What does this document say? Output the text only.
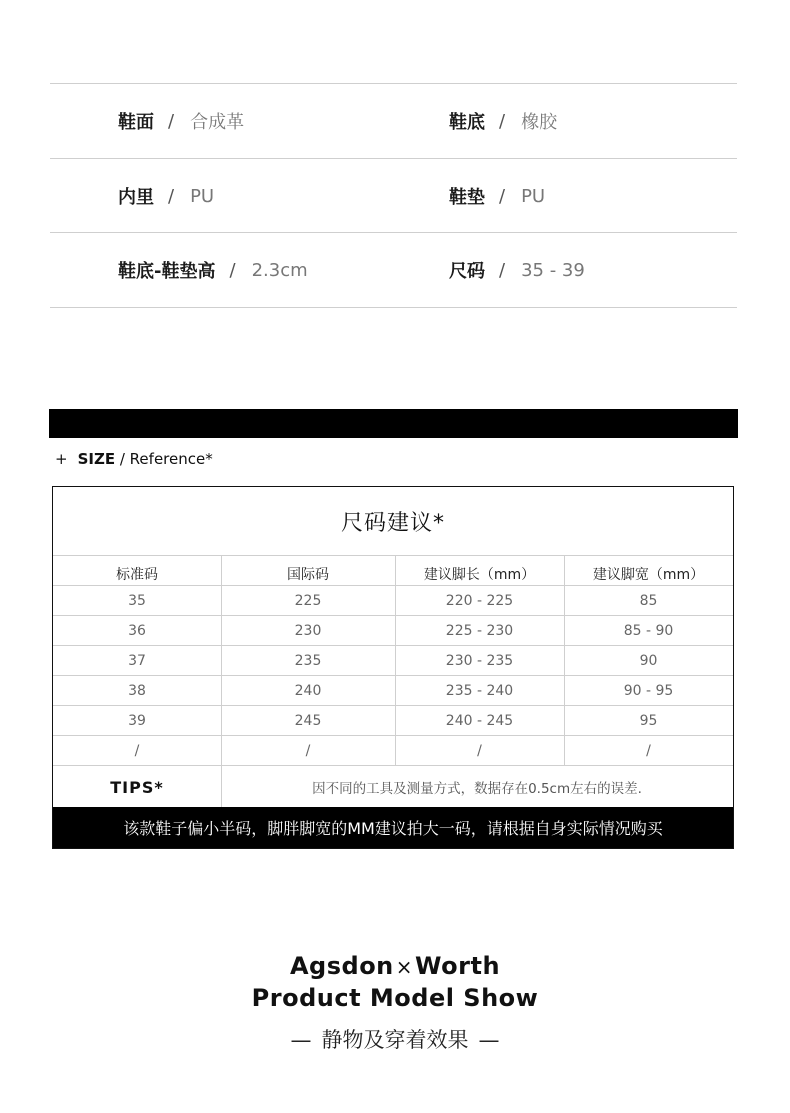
鞋面 / 合成革	鞋底 / 橡胶
内里 / PU	鞋垫 / PU
鞋底-鞋垫高 / 2.3cm	尺码 / 35 - 39
+ SIZE / Reference*
尺码建议*
标准码	国际码	建议脚长（mm）	建议脚宽（mm）
35	225	220 - 225	85
36	230	225 - 230	85 - 90
37	235	230 - 235	90
38	240	235 - 240	90 - 95
39	245	240 - 245	95
/	/	/	/
TIPS*	因不同的工具及测量方式，数据存在0.5cm左右的误差.
该款鞋子偏小半码，脚胖脚宽的MM建议拍大一码，请根据自身实际情况购买
Agsdon ×Worth
Product Model Show
— 静物及穿着效果 —
